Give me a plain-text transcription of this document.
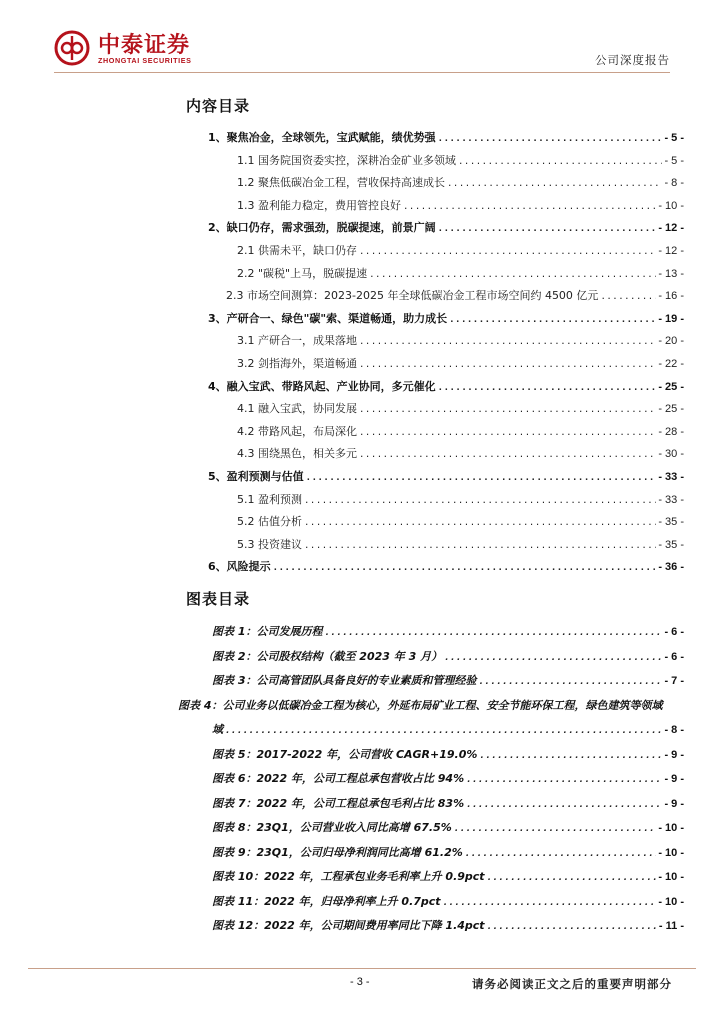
中泰证券
ZHONGTAI SECURITIES	公司深度报告
内容目录
1、聚焦冶金，全球领先，宝武赋能，绩优势强 .....	- 5 -
1.1 国务院国资委实控，深耕冶金矿业多领域 .....	- 5 -
1.2 聚焦低碳冶金工程，营收保持高速成长 .....	- 8 -
1.3 盈利能力稳定，费用管控良好 .....	- 10 -
2、缺口仍存，需求强劲，脱碳提速，前景广阔 .....	- 12 -
2.1 供需未平，缺口仍存 .....	- 12 -
2.2 "碳税"上马，脱碳提速 .....	- 13 -
2.3 市场空间测算：2023-2025 年全球低碳冶金工程市场空间约 4500 亿元 .....	- 16 -
3、产研合一、绿色"碳"索、渠道畅通，助力成长 .....	- 19 -
3.1 产研合一，成果落地 .....	- 20 -
3.2 剑指海外，渠道畅通 .....	- 22 -
4、融入宝武、带路风起、产业协同，多元催化 .....	- 25 -
4.1 融入宝武，协同发展 .....	- 25 -
4.2 带路风起，布局深化 .....	- 28 -
4.3 围绕黑色，相关多元 .....	- 30 -
5、盈利预测与估值 .....	- 33 -
5.1 盈利预测 .....	- 33 -
5.2 估值分析 .....	- 35 -
5.3 投资建议 .....	- 35 -
6、风险提示 .....	- 36 -
图表目录
图表 1：公司发展历程 .....	- 6 -
图表 2：公司股权结构（截至 2023 年 3 月） .....	- 6 -
图表 3：公司高管团队具备良好的专业素质和管理经验 .....	- 7 -
图表 4：公司业务以低碳冶金工程为核心，外延布局矿业工程、安全节能环保工程，绿色建筑等领域
域 .....	- 8 -
图表 5：2017-2022 年，公司营收 CAGR+19.0% .....	- 9 -
图表 6：2022 年，公司工程总承包营收占比 94% .....	- 9 -
图表 7：2022 年，公司工程总承包毛利占比 83% .....	- 9 -
图表 8：23Q1，公司营业收入同比高增 67.5% .....	- 10 -
图表 9：23Q1，公司归母净利润同比高增 61.2% .....	- 10 -
图表 10：2022 年，工程承包业务毛利率上升 0.9pct .....	- 10 -
图表 11：2022 年，归母净利率上升 0.7pct .....	- 10 -
图表 12：2022 年，公司期间费用率同比下降 1.4pct .....	- 11 -
- 3 -	请务必阅读正文之后的重要声明部分
